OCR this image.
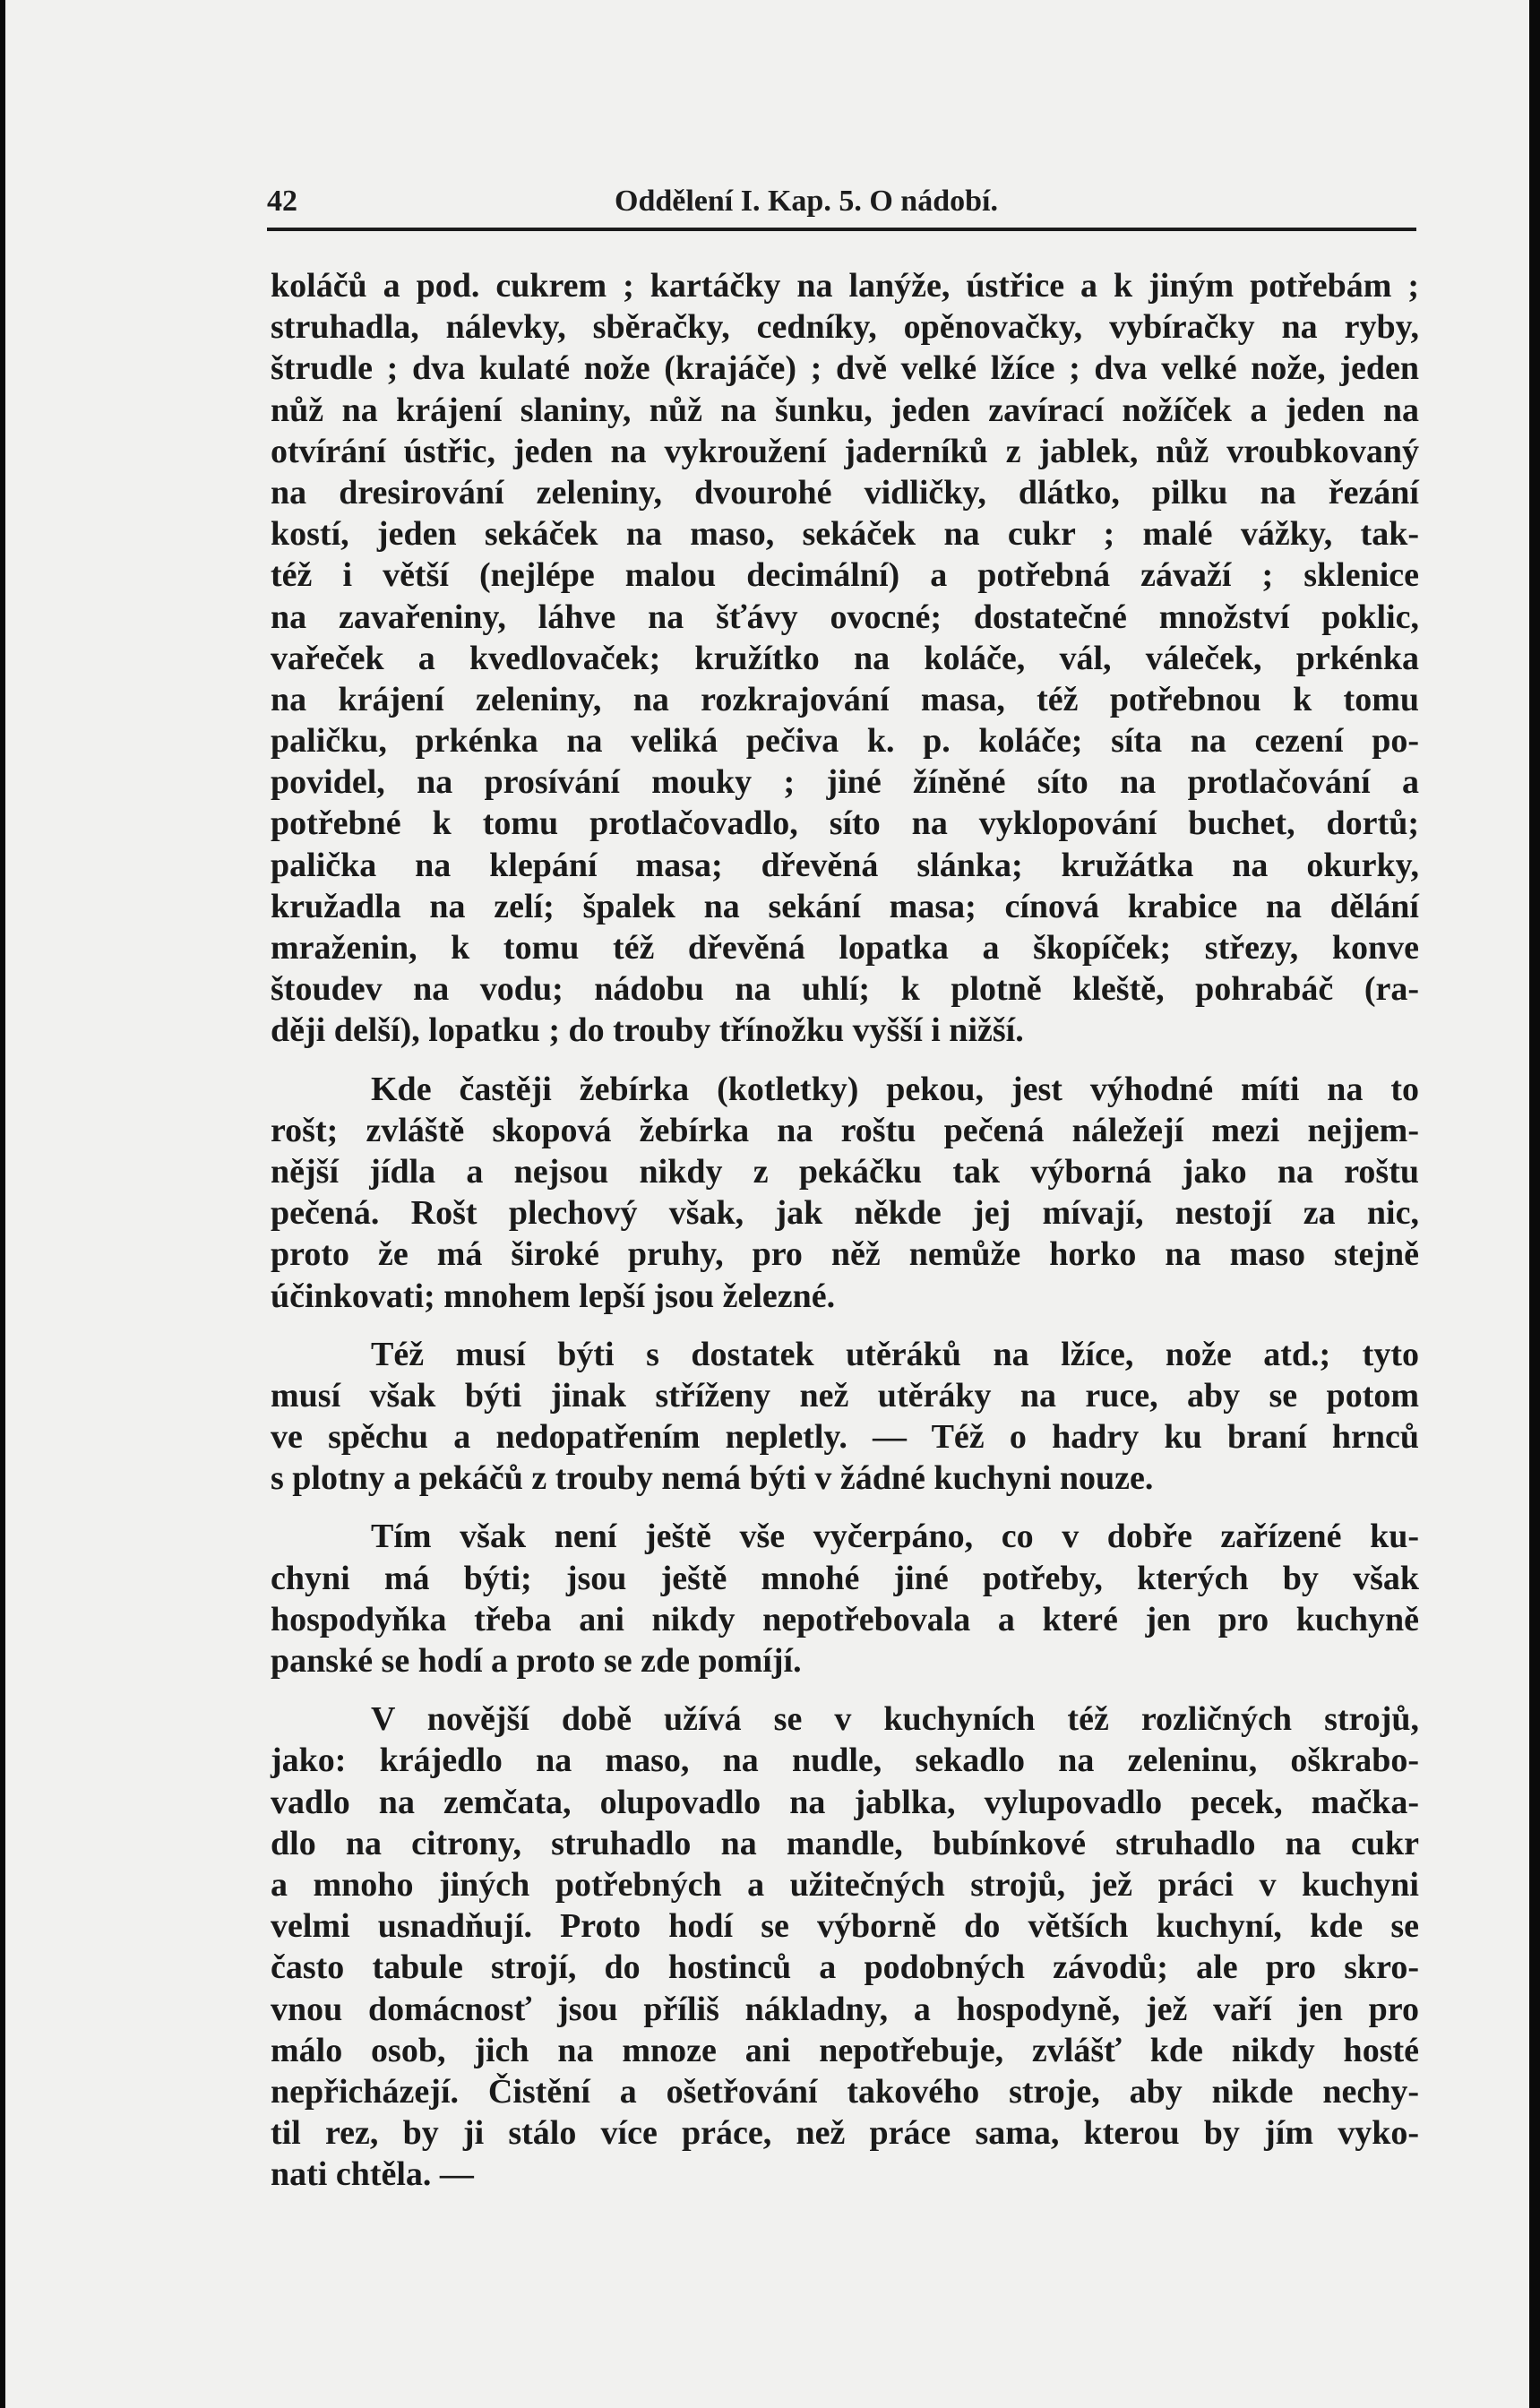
42	Oddělení I. Kap. 5. O nádobí.
koláčů a pod. cukrem ; kartáčky na lanýže, ústřice a k jiným potřebám ;
struhadla, nálevky, sběračky, cedníky, opěnovačky, vybíračky na ryby,
štrudle ; dva kulaté nože (krajáče) ; dvě velké lžíce ; dva velké nože, jeden
nůž na krájení slaniny, nůž na šunku, jeden zavírací nožíček a jeden na
otvírání ústřic, jeden na vykroužení jaderníků z jablek, nůž vroubkovaný
na dresirování zeleniny, dvourohé vidličky, dlátko, pilku na řezání
kostí, jeden sekáček na maso, sekáček na cukr ; malé vážky, tak-
též i větší (nejlépe malou decimální) a potřebná závaží ; sklenice
na zavařeniny, láhve na šťávy ovocné; dostatečné množství poklic,
vařeček a kvedlovaček; kružítko na koláče, vál, váleček, prkénka
na krájení zeleniny, na rozkrajování masa, též potřebnou k tomu
paličku, prkénka na veliká pečiva k. p. koláče; síta na cezení po-
povidel, na prosívání mouky ; jiné žíněné síto na protlačování a
potřebné k tomu protlačovadlo, síto na vyklopování buchet, dortů;
palička na klepání masa; dřevěná slánka; kružátka na okurky,
kružadla na zelí; špalek na sekání masa; cínová krabice na dělání
mraženin, k tomu též dřevěná lopatka a škopíček; střezy, konve
štoudev na vodu; nádobu na uhlí; k plotně kleště, pohrabáč (ra-
ději delší), lopatku ; do trouby třínožku vyšší i nižší.
Kde častěji žebírka (kotletky) pekou, jest výhodné míti na to
rošt; zvláště skopová žebírka na roštu pečená náležejí mezi nejjem-
nější jídla a nejsou nikdy z pekáčku tak výborná jako na roštu
pečená. Rošt plechový však, jak někde jej mívají, nestojí za nic,
proto že má široké pruhy, pro něž nemůže horko na maso stejně
účinkovati; mnohem lepší jsou železné.
Též musí býti s dostatek utěráků na lžíce, nože atd.; tyto
musí však býti jinak stříženy než utěráky na ruce, aby se potom
ve spěchu a nedopatřením nepletly. — Též o hadry ku braní hrnců
s plotny a pekáčů z trouby nemá býti v žádné kuchyni nouze.
Tím však není ještě vše vyčerpáno, co v dobře zařízené ku-
chyni má býti; jsou ještě mnohé jiné potřeby, kterých by však
hospodyňka třeba ani nikdy nepotřebovala a které jen pro kuchyně
panské se hodí a proto se zde pomíjí.
V novější době užívá se v kuchyních též rozličných strojů,
jako: krájedlo na maso, na nudle, sekadlo na zeleninu, oškrabo-
vadlo na zemčata, olupovadlo na jablka, vylupovadlo pecek, mačka-
dlo na citrony, struhadlo na mandle, bubínkové struhadlo na cukr
a mnoho jiných potřebných a užitečných strojů, jež práci v kuchyni
velmi usnadňují. Proto hodí se výborně do větších kuchyní, kde se
často tabule strojí, do hostinců a podobných závodů; ale pro skro-
vnou domácnosť jsou příliš nákladny, a hospodyně, jež vaří jen pro
málo osob, jich na mnoze ani nepotřebuje, zvlášť kde nikdy hosté
nepřicházejí. Čistění a ošetřování takového stroje, aby nikde nechy-
til rez, by ji stálo více práce, než práce sama, kterou by jím vyko-
nati chtěla. —
